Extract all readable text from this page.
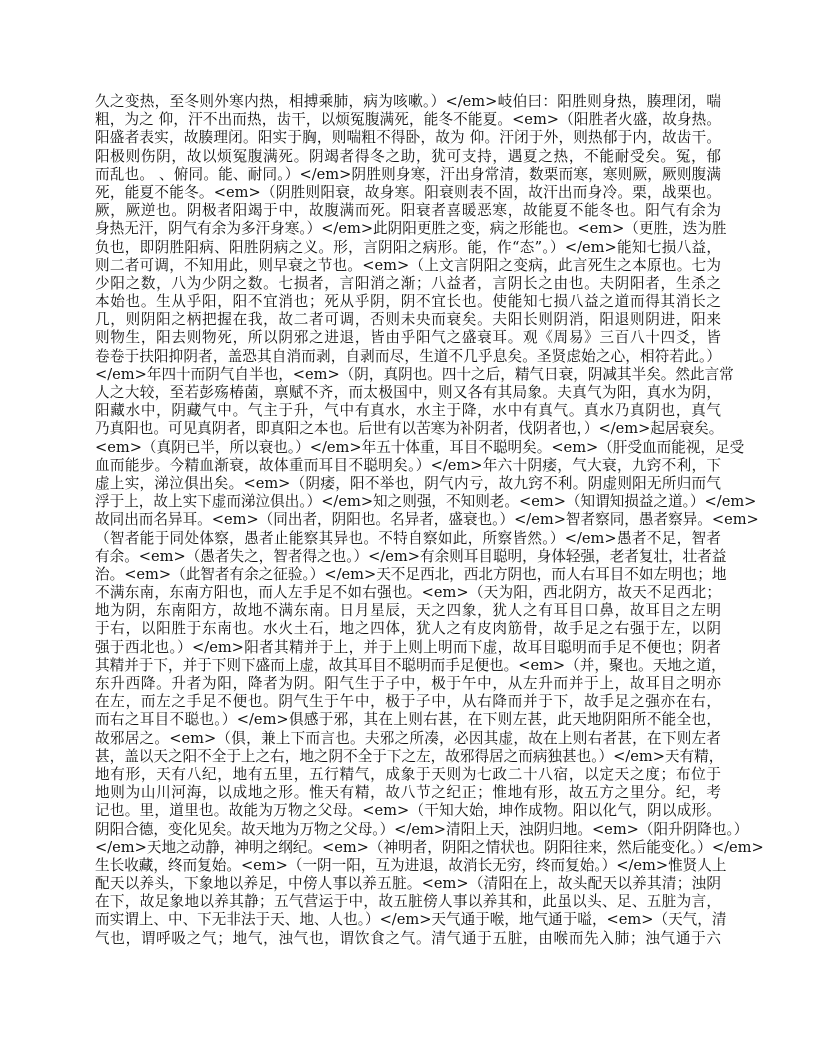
久之变热，至冬则外寒内热，相搏乘肺，病为咳嗽。）</em>岐伯曰：阳胜则身热，腠理闭，喘
粗，为之 仰，汗不出而热，齿干，以烦冤腹满死，能冬不能夏。<em>（阳胜者火盛，故身热。
阳盛者表实，故腠理闭。阳实于胸，则喘粗不得卧，故为 仰。汗闭于外，则热郁于内，故齿干。
阳极则伤阴，故以烦冤腹满死。阴竭者得冬之助，犹可支持，遇夏之热，不能耐受矣。冤，郁
而乱也。 、俯同。能、耐同。）</em>阴胜则身寒，汗出身常清，数栗而寒，寒则厥，厥则腹满
死，能夏不能冬。<em>（阴胜则阳衰，故身寒。阳衰则表不固，故汗出而身冷。栗，战栗也。
厥，厥逆也。阴极者阳竭于中，故腹满而死。阳衰者喜暖恶寒，故能夏不能冬也。阳气有余为
身热无汗，阴气有余为多汗身寒。）</em>此阴阳更胜之变，病之形能也。<em>（更胜，迭为胜
负也，即阴胜阳病、阳胜阴病之义。形，言阴阳之病形。能，作“态”。）</em>能知七损八益，
则二者可调，不知用此，则早衰之节也。<em>（上文言阴阳之变病，此言死生之本原也。七为
少阳之数，八为少阴之数。七损者，言阳消之渐；八益者，言阴长之由也。夫阴阳者，生杀之
本始也。生从乎阳，阳不宜消也；死从乎阴，阴不宜长也。使能知七损八益之道而得其消长之
几，则阴阳之柄把握在我，故二者可调，否则未央而衰矣。夫阳长则阴消，阳退则阴进，阳来
则物生，阳去则物死，所以阴邪之进退，皆由乎阳气之盛衰耳。观《周易》三百八十四爻，皆
卷卷于扶阳抑阴者，盖恐其自消而剥，自剥而尽，生道不几乎息矣。圣贤虑始之心，相符若此。）
</em>年四十而阴气自半也，<em>（阴，真阴也。四十之后，精气日衰，阴减其半矣。然此言常
人之大较，至若彭殇椿菌，禀赋不齐，而太极国中，则又各有其局象。夫真气为阳，真水为阴，
阳藏水中，阴藏气中。气主于升，气中有真水，水主于降，水中有真气。真水乃真阴也，真气
乃真阳也。可见真阴者，即真阳之本也。后世有以苦寒为补阴者，伐阴者也，）</em>起居衰矣。
<em>（真阴已半，所以衰也。）</em>年五十体重，耳目不聪明矣。<em>（肝受血而能视，足受
血而能步。今精血渐衰，故体重而耳目不聪明矣。）</em>年六十阴痿，气大衰，九窍不利，下
虚上实，涕泣俱出矣。<em>（阴痿，阳不举也，阴气内亏，故九窍不利。阴虚则阳无所归而气
浮于上，故上实下虚而涕泣俱出。）</em>知之则强，不知则老。<em>（知谓知损益之道。）</em>
故同出而名异耳。<em>（同出者，阴阳也。名异者，盛衰也。）</em>智者察同，愚者察异。<em>
（智者能于同处体察，愚者止能察其异也。不特自察如此，所察皆然。）</em>愚者不足，智者
有余。<em>（愚者失之，智者得之也。）</em>有余则耳目聪明，身体轻强，老者复壮，壮者益
治。<em>（此智者有余之征验。）</em>天不足西北，西北方阴也，而人右耳目不如左明也；地
不满东南，东南方阳也，而人左手足不如右强也。<em>（天为阳，西北阴方，故天不足西北；
地为阴，东南阳方，故地不满东南。日月星辰，天之四象，犹人之有耳目口鼻，故耳目之左明
于右，以阳胜于东南也。水火土石，地之四体，犹人之有皮肉筋骨，故手足之右强于左，以阴
强于西北也。）</em>阳者其精并于上，并于上则上明而下虚，故耳目聪明而手足不便也；阴者
其精并于下，并于下则下盛而上虚，故其耳目不聪明而手足便也。<em>（并，聚也。天地之道，
东升西降。升者为阳，降者为阴。阳气生于子中，极于午中，从左升而并于上，故耳目之明亦
在左，而左之手足不便也。阴气生于午中，极于子中，从右降而并于下，故手足之强亦在右，
而右之耳目不聪也。）</em>俱感于邪，其在上则右甚，在下则左甚，此天地阴阳所不能全也，
故邪居之。<em>（俱，兼上下而言也。夫邪之所凑，必因其虚，故在上则右者甚，在下则左者
甚，盖以天之阳不全于上之右，地之阴不全于下之左，故邪得居之而病独甚也。）</em>天有精，
地有形，天有八纪，地有五里，五行精气，成象于天则为七政二十八宿，以定天之度；布位于
地则为山川河海，以成地之形。惟天有精，故八节之纪正；惟地有形，故五方之里分。纪，考
记也。里，道里也。故能为万物之父母。<em>（干知大始，坤作成物。阳以化气，阴以成形。
阴阳合德，变化见矣。故天地为万物之父母。）</em>清阳上天，浊阴归地。<em>（阳升阴降也。）
</em>天地之动静，神明之纲纪。<em>（神明者，阴阳之情状也。阴阳往来，然后能变化。）</em>
生长收藏，终而复始。<em>（一阴一阳，互为进退，故消长无穷，终而复始。）</em>惟贤人上
配天以养头，下象地以养足，中傍人事以养五脏。<em>（清阳在上，故头配天以养其清；浊阴
在下，故足象地以养其静；五气营运于中，故五脏傍人事以养其和，此虽以头、足、五脏为言，
而实谓上、中、下无非法于天、地、人也。）</em>天气通于喉，地气通于嗌，<em>（天气，清
气也，谓呼吸之气；地气，浊气也，谓饮食之气。清气通于五脏，由喉而先入肺；浊气通于六
